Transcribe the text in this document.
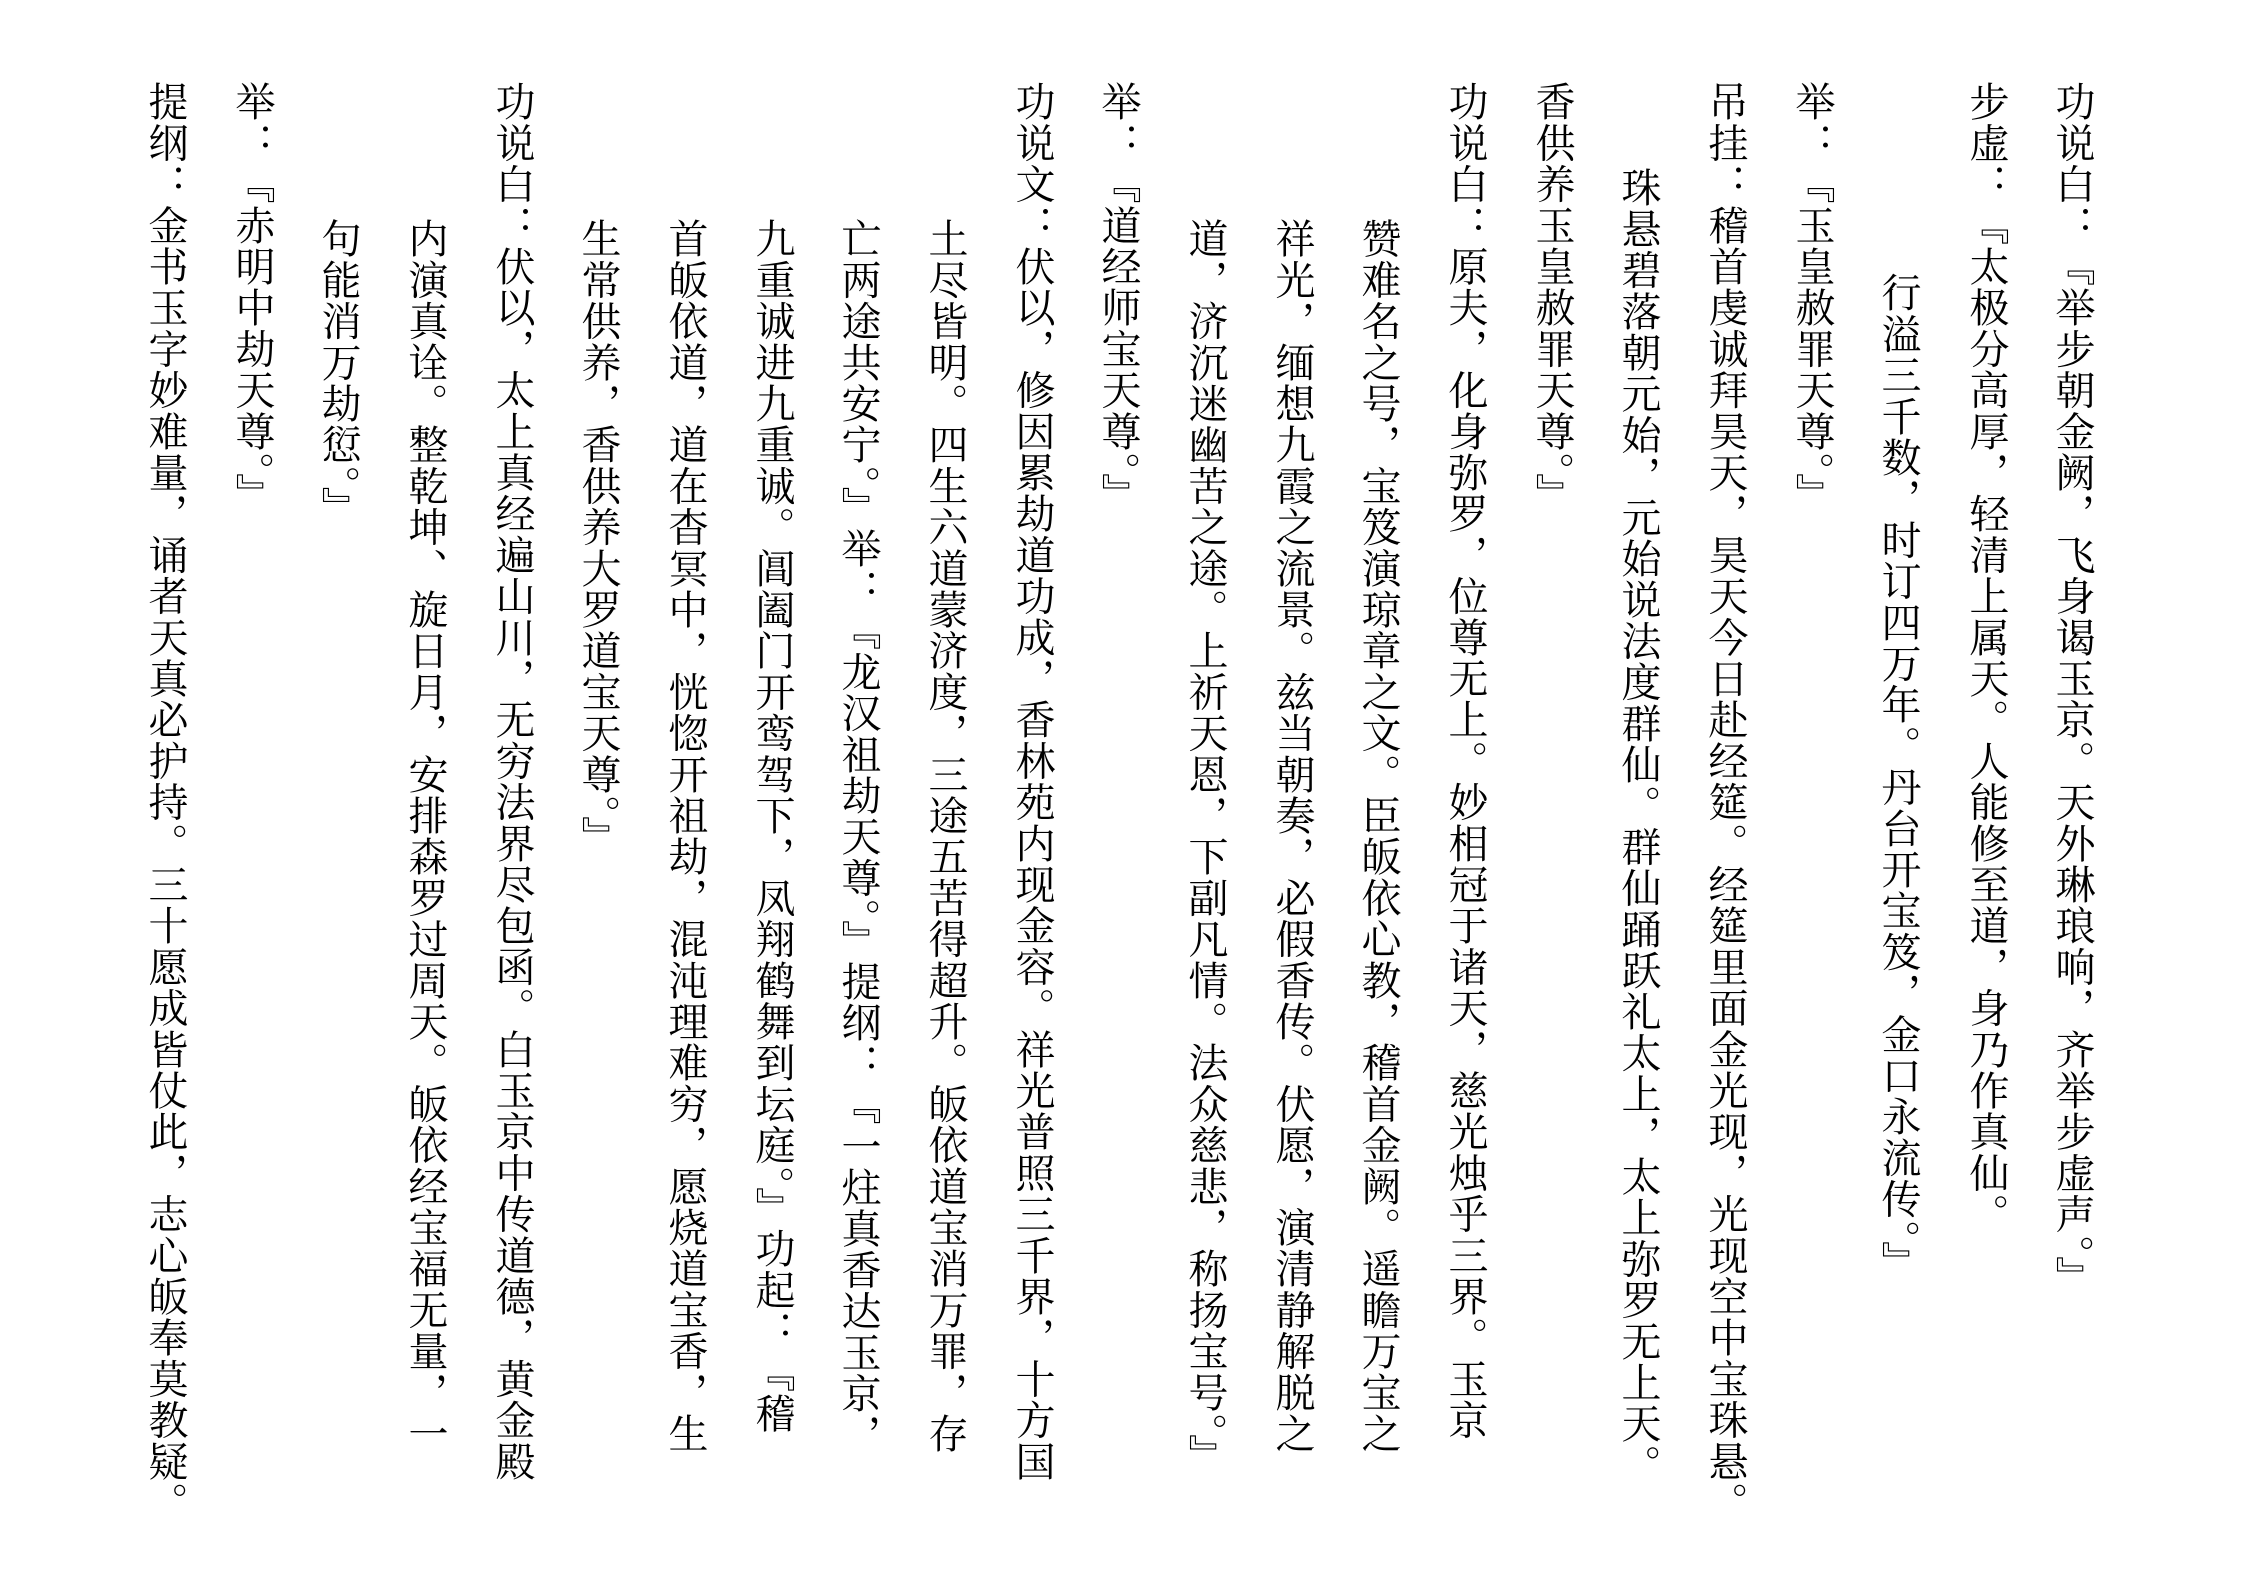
功说白：『举步朝金阙，飞身谒玉京。天外琳琅响，齐举步虚声。』

步虚：『太极分高厚，轻清上属天。人能修至道，身乃作真仙。

行溢三千数，时订四万年。丹台开宝笈，金口永流传。』

举：『玉皇赦罪天尊。』

吊挂：稽首虔诚拜昊天，昊天今日赴经筵。经筵里面金光现，光现空中宝珠悬。

珠悬碧落朝元始，元始说法度群仙。群仙踊跃礼太上，太上弥罗无上天。

香供养玉皇赦罪天尊。』

功说白：原夫，化身弥罗，位尊无上。妙相冠于诸天，慈光烛乎三界。玉京

赞难名之号，宝笈演琼章之文。臣皈依心教，稽首金阙。遥瞻万宝之

祥光，缅想九霞之流景。兹当朝奏，必假香传。伏愿，演清静解脱之

道，济沉迷幽苦之途。上祈天恩，下副凡情。法众慈悲，称扬宝号。』

举：『道经师宝天尊。』

功说文：伏以，修因累劫道功成，香林苑内现金容。祥光普照三千界，十方国

土尽皆明。四生六道蒙济度，三途五苦得超升。皈依道宝消万罪，存

亡两途共安宁。』举：『龙汉祖劫天尊。』提纲：『一炷真香达玉京，

九重诚进九重诚。阊阖门开鸾驾下，凤翔鹤舞到坛庭。』功起：『稽

首皈依道，道在杳冥中，恍惚开祖劫，混沌理难穷，愿烧道宝香，生

生常供养，香供养大罗道宝天尊。』

功说白：伏以，太上真经遍山川，无穷法界尽包函。白玉京中传道德，黄金殿

内演真诠。整乾坤、旋日月，安排森罗过周天。皈依经宝福无量，一

句能消万劫愆。』

举：『赤明中劫天尊。』

提纲：金书玉字妙难量，诵者天真必护持。三十愿成皆仗此，志心皈奉莫教疑。
